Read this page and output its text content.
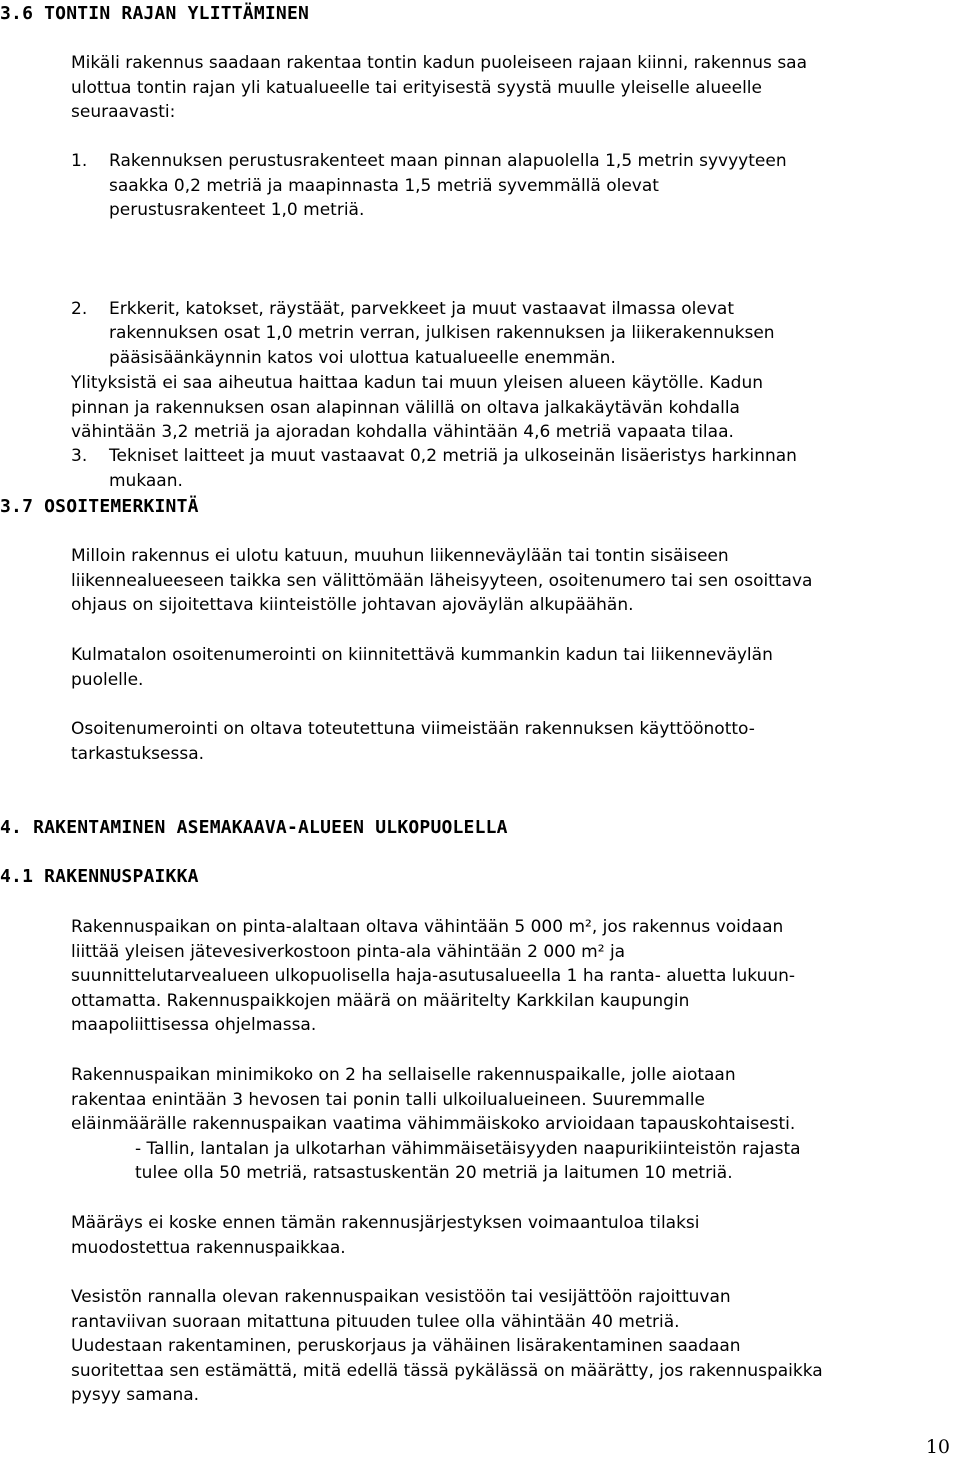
3.6 TONTIN RAJAN YLITTÄMINEN
Mikäli rakennus saadaan rakentaa tontin kadun puoleiseen rajaan kiinni, rakennus saa
ulottua tontin rajan yli katualueelle tai erityisestä syystä muulle yleiselle alueelle
seuraavasti:
1. Rakennuksen perustusrakenteet maan pinnan alapuolella 1,5 metrin syvyyteen
saakka 0,2 metriä ja maapinnasta 1,5 metriä syvemmällä olevat
perustusrakenteet 1,0 metriä.
2. Erkkerit, katokset, räystäät, parvekkeet ja muut vastaavat ilmassa olevat
rakennuksen osat 1,0 metrin verran, julkisen rakennuksen ja liikerakennuksen
pääsisäänkäynnin katos voi ulottua katualueelle enemmän.
3. Tekniset laitteet ja muut vastaavat 0,2 metriä ja ulkoseinän lisäeristys harkinnan
mukaan.
Ylityksistä ei saa aiheutua haittaa kadun tai muun yleisen alueen käytölle. Kadun
pinnan ja rakennuksen osan alapinnan välillä on oltava jalkakäytävän kohdalla
vähintään 3,2 metriä ja ajoradan kohdalla vähintään 4,6 metriä vapaata tilaa.
3.7 OSOITEMERKINTÄ
Milloin rakennus ei ulotu katuun, muuhun liikenneväylään tai tontin sisäiseen
liikennealueeseen taikka sen välittömään läheisyyteen, osoitenumero tai sen osoittava
ohjaus on sijoitettava kiinteistölle johtavan ajoväylän alkupäähän.
Kulmatalon osoitenumerointi on kiinnitettävä kummankin kadun tai liikenneväylän
puolelle.
Osoitenumerointi on oltava toteutettuna viimeistään rakennuksen käyttöönotto-
tarkastuksessa.
4. RAKENTAMINEN ASEMAKAAVA-ALUEEN ULKOPUOLELLA
4.1 RAKENNUSPAIKKA
Rakennuspaikan on pinta-alaltaan oltava vähintään 5 000 m², jos rakennus voidaan
liittää yleisen jätevesiverkostoon pinta-ala vähintään 2 000 m² ja
suunnittelutarvealueen ulkopuolisella haja-asutusalueella 1 ha ranta- aluetta lukuun-
ottamatta. Rakennuspaikkojen määrä on määritelty Karkkilan kaupungin
maapoliittisessa ohjelmassa.
Rakennuspaikan minimikoko on 2 ha sellaiselle rakennuspaikalle, jolle aiotaan
rakentaa enintään 3 hevosen tai ponin talli ulkoilualueineen. Suuremmalle
eläinmäärälle rakennuspaikan vaatima vähimmäiskoko arvioidaan tapauskohtaisesti.
- Tallin, lantalan ja ulkotarhan vähimmäisetäisyyden naapurikiinteistön rajasta
tulee olla 50 metriä, ratsastuskentän 20 metriä ja laitumen 10 metriä.
Määräys ei koske ennen tämän rakennusjärjestyksen voimaantuloa tilaksi
muodostettua rakennuspaikkaa.
Vesistön rannalla olevan rakennuspaikan vesistöön tai vesijättöön rajoittuvan
rantaviivan suoraan mitattuna pituuden tulee olla vähintään 40 metriä.
Uudestaan rakentaminen, peruskorjaus ja vähäinen lisärakentaminen saadaan
suoritettaa sen estämättä, mitä edellä tässä pykälässä on määrätty, jos rakennuspaikka
pysyy samana.
10
